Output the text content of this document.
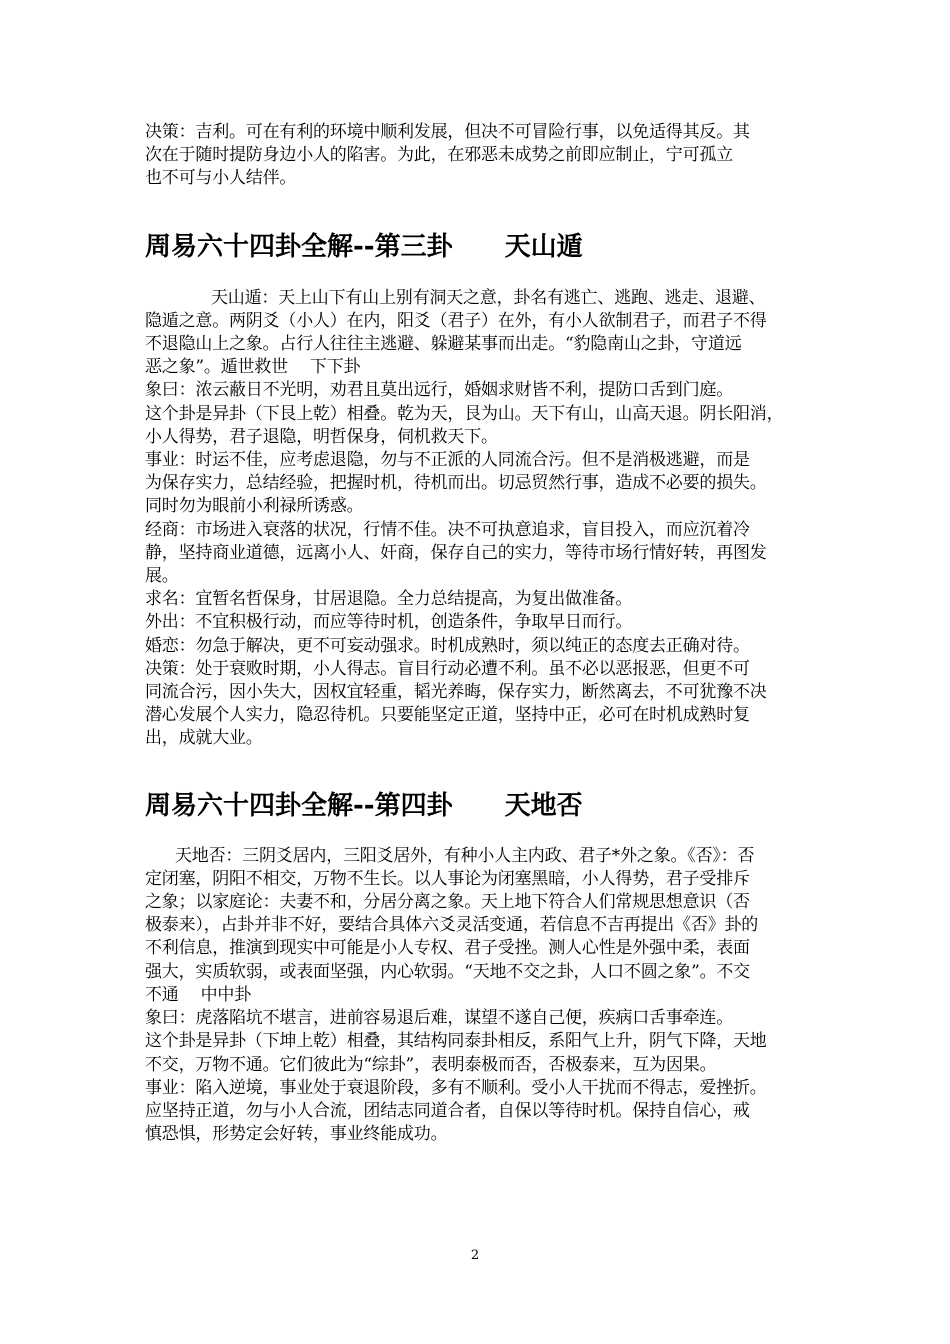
决策：吉利。可在有利的环境中顺利发展，但决不可冒险行事，以免适得其反。其
次在于随时提防身边小人的陷害。为此，在邪恶未成势之前即应制止，宁可孤立
也不可与小人结伴。
周易六十四卦全解--第三卦　　天山遁
天山遁：天上山下有山上别有洞天之意，卦名有逃亡、逃跑、逃走、退避、
隐遁之意。两阴爻（小人）在内，阳爻（君子）在外，有小人欲制君子，而君子不得
不退隐山上之象。占行人往往主逃避、躲避某事而出走。“豹隐南山之卦，守道远
恶之象”。遁世救世　 下下卦
象曰：浓云蔽日不光明，劝君且莫出远行，婚姻求财皆不利，提防口舌到门庭。
这个卦是异卦（下艮上乾）相叠。乾为天，艮为山。天下有山，山高天退。阴长阳消，
小人得势，君子退隐，明哲保身，伺机救天下。
事业：时运不佳，应考虑退隐，勿与不正派的人同流合污。但不是消极逃避，而是
为保存实力，总结经验，把握时机，待机而出。切忌贸然行事，造成不必要的损失。
同时勿为眼前小利禄所诱惑。
经商：市场进入衰落的状况，行情不佳。决不可执意追求，盲目投入，而应沉着冷
静，坚持商业道德，远离小人、奸商，保存自己的实力，等待市场行情好转，再图发
展。
求名：宜暂名哲保身，甘居退隐。全力总结提高，为复出做准备。
外出：不宜积极行动，而应等待时机，创造条件，争取早日而行。
婚恋：勿急于解决，更不可妄动强求。时机成熟时，须以纯正的态度去正确对待。
决策：处于衰败时期，小人得志。盲目行动必遭不利。虽不必以恶报恶，但更不可
同流合污，因小失大，因权宜轻重，韬光养晦，保存实力，断然离去，不可犹豫不决
潜心发展个人实力，隐忍待机。只要能坚定正道，坚持中正，必可在时机成熟时复
出，成就大业。
周易六十四卦全解--第四卦　　天地否
天地否：三阴爻居内，三阳爻居外，有种小人主内政、君子*外之象。《否》：否
定闭塞，阴阳不相交，万物不生长。以人事论为闭塞黑暗，小人得势，君子受排斥
之象；以家庭论：夫妻不和，分居分离之象。天上地下符合人们常规思想意识（否
极泰来），占卦并非不好，要结合具体六爻灵活变通，若信息不吉再提出《否》卦的
不利信息，推演到现实中可能是小人专权、君子受挫。测人心性是外强中柔，表面
强大，实质软弱，或表面坚强，内心软弱。“天地不交之卦，人口不圆之象”。不交
不通　 中中卦
象曰：虎落陷坑不堪言，进前容易退后难，谋望不遂自己便，疾病口舌事牵连。
这个卦是异卦（下坤上乾）相叠，其结构同泰卦相反，系阳气上升，阴气下降，天地
不交，万物不通。它们彼此为“综卦”，表明泰极而否，否极泰来，互为因果。
事业：陷入逆境，事业处于衰退阶段，多有不顺利。受小人干扰而不得志，爱挫折。
应坚持正道，勿与小人合流，团结志同道合者，自保以等待时机。保持自信心，戒
慎恐惧，形势定会好转，事业终能成功。
2
